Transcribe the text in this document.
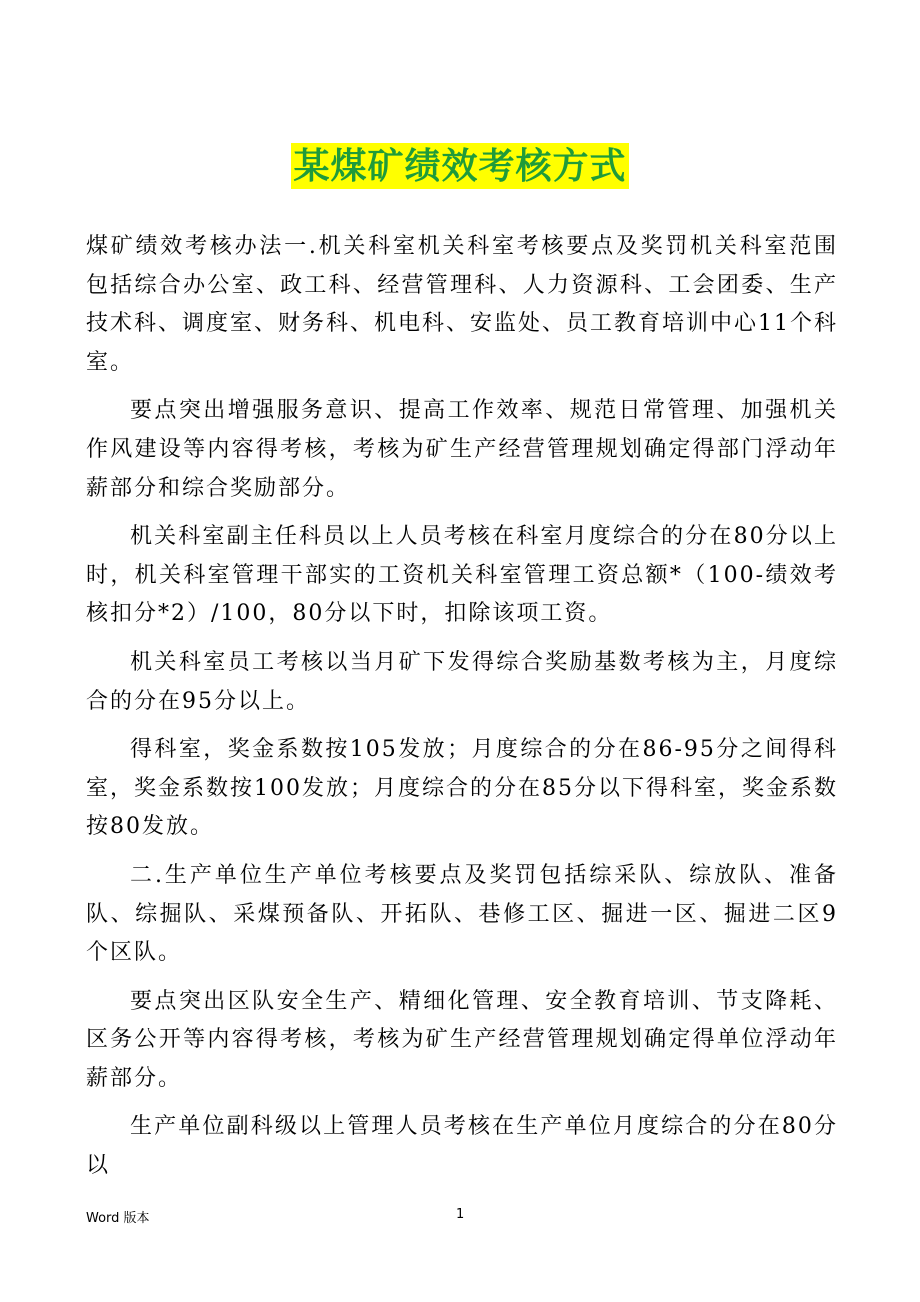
某煤矿绩效考核方式

煤矿绩效考核办法一.机关科室机关科室考核要点及奖罚机关科室范围包括综合办公室、政工科、经营管理科、人力资源科、工会团委、生产技术科、调度室、财务科、机电科、安监处、员工教育培训中心11个科室。

要点突出增强服务意识、提高工作效率、规范日常管理、加强机关作风建设等内容得考核，考核为矿生产经营管理规划确定得部门浮动年薪部分和综合奖励部分。

机关科室副主任科员以上人员考核在科室月度综合的分在80分以上时，机关科室管理干部实的工资机关科室管理工资总额*（100-绩效考核扣分*2）/100，80分以下时，扣除该项工资。

机关科室员工考核以当月矿下发得综合奖励基数考核为主，月度综合的分在95分以上。

得科室，奖金系数按105发放；月度综合的分在86-95分之间得科室，奖金系数按100发放；月度综合的分在85分以下得科室，奖金系数按80发放。

二.生产单位生产单位考核要点及奖罚包括综采队、综放队、准备队、综掘队、采煤预备队、开拓队、巷修工区、掘进一区、掘进二区9个区队。

要点突出区队安全生产、精细化管理、安全教育培训、节支降耗、区务公开等内容得考核，考核为矿生产经营管理规划确定得单位浮动年薪部分。

生产单位副科级以上管理人员考核在生产单位月度综合的分在80分以

Word 版本	1
